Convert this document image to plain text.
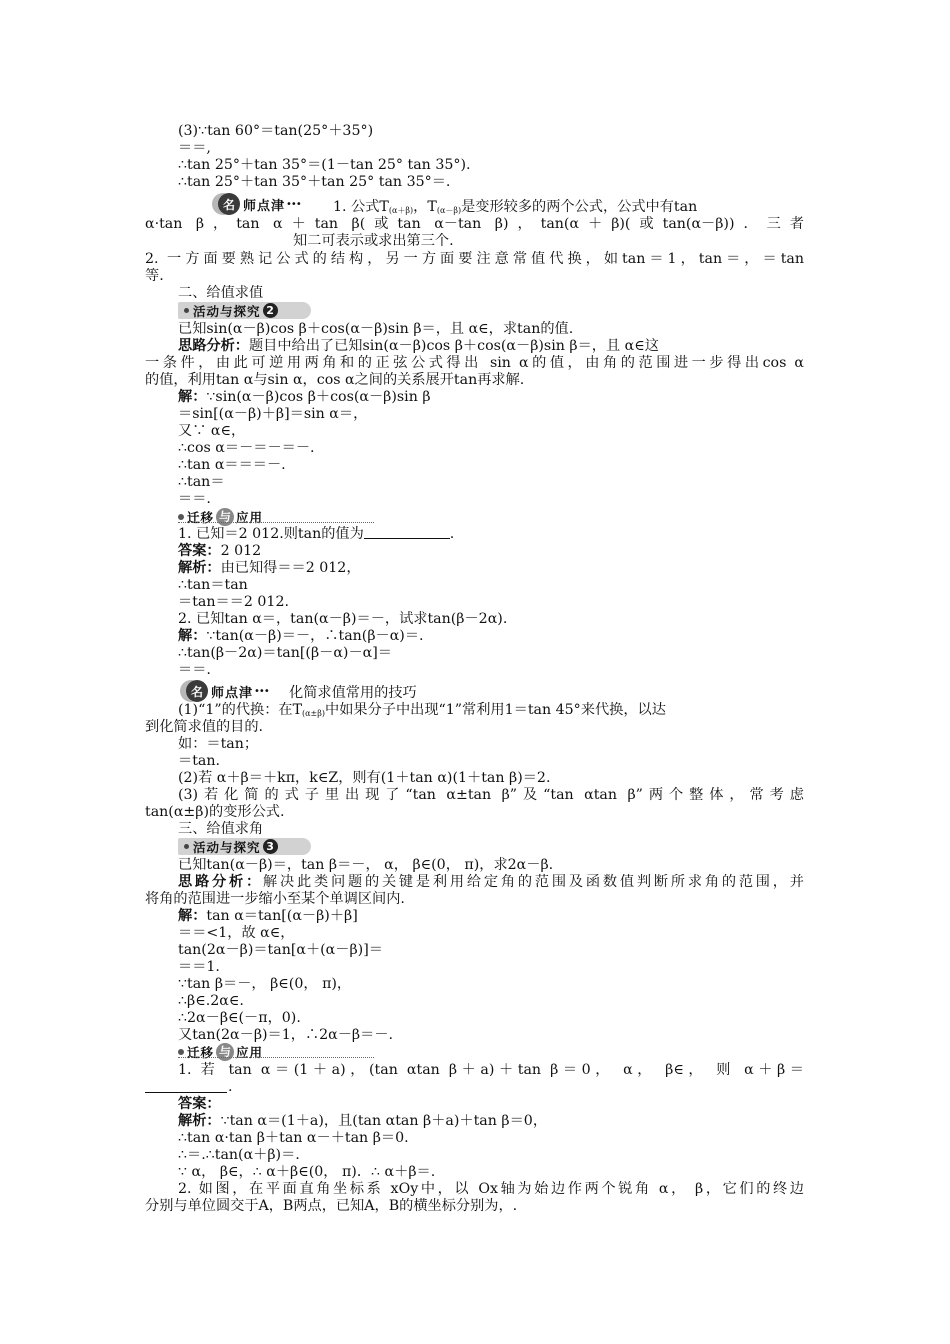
(3)∵tan 60°＝tan(25°＋35°)
＝＝,
∴tan 25°＋tan 35°＝(1－tan 25° tan 35°).
∴tan 25°＋tan 35°＋tan 25° tan 35°＝.
名 师点津 ••• 1. 公式$T_{(\alpha+\beta)}$，$T_{(\alpha-\beta)}$是变形较多的两个公式，公式中有tan
α·tan β，tan α＋tan β(或tan α－tan β)，tan(α＋β)(或tan(α－β))．三者
知二可表示或求出第三个.
2. 一方面要熟记公式的结构，另一方面要注意常值代换，如tan＝1，tan＝，＝tan
等.
二、给值求值
活动与探究 2
已知sin(α－β)cos β＋cos(α－β)sin β＝，且 α∈，求tan的值.
思路分析：题目中给出了已知sin(α－β)cos β＋cos(α－β)sin β＝，且 α∈这
一条件，由此可逆用两角和的正弦公式得出 sin α的值，由角的范围进一步得出cos α
的值，利用tan α与sin α，cos α之间的关系展开tan再求解.
解：∵sin(α－β)cos β＋cos(α－β)sin β
＝sin[(α－β)＋β]＝sin α＝，
又∵ α∈，
∴cos α＝－＝－＝－.
∴tan α＝＝＝－.
∴tan＝
＝＝.
迁移 与 应用
1. 已知＝2 012.则tan的值为	.
答案：2 012
解析：由已知得＝＝2 012，
∴tan＝tan
＝tan＝＝2 012.
2. 已知tan α＝，tan(α－β)＝－，试求tan(β－2α).
解：∵tan(α－β)＝－，∴tan(β－α)＝.
∴tan(β－2α)＝tan[(β－α)－α]＝
＝＝.
名 师点津 ••• 化简求值常用的技巧
(1)“1”的代换：在$T_{(\alpha\pm\beta)}$中如果分子中出现“1”常利用1＝tan 45°来代换，以达
到化简求值的目的.
如：＝tan；
＝tan.
(2)若 α＋β＝＋kπ，k∈Z，则有(1＋tan α)(1＋tan β)＝2.
(3)若化简的式子里出现了“tan α±tan β”及“tan αtan β”两个整体，常考虑
tan(α±β)的变形公式.
三、给值求角
活动与探究 3
已知tan(α－β)＝，tan β＝－， α， β∈(0， π)，求2α－β.
思路分析：解决此类问题的关键是利用给定角的范围及函数值判断所求角的范围，并
将角的范围进一步缩小至某个单调区间内.
解：tan α＝tan[(α－β)＋β]
＝＝<1，故 α∈，
tan(2α－β)＝tan[α＋(α－β)]＝
＝＝1.
∵tan β＝－， β∈(0， π)，
∴β∈.2α∈.
∴2α－β∈(－π，0).
又tan(2α－β)＝1，∴2α－β＝－.
迁移 与 应用
1. 若 tan α＝(1＋a)，(tan αtan β＋a)＋tan β＝0， α， β∈， 则 α＋β＝
.
答案：
解析：∵tan α＝(1＋a)，且(tan αtan β＋a)＋tan β＝0，
∴tan α·tan β＋tan α－＋tan β＝0.
∴＝.∴tan(α＋β)＝.
∵ α， β∈，∴ α＋β∈(0， π)．∴ α＋β＝.
2. 如图，在平面直角坐标系 xOy中，以 Ox轴为始边作两个锐角 α， β，它们的终边
分别与单位圆交于A，B两点，已知A，B的横坐标分别为，.
